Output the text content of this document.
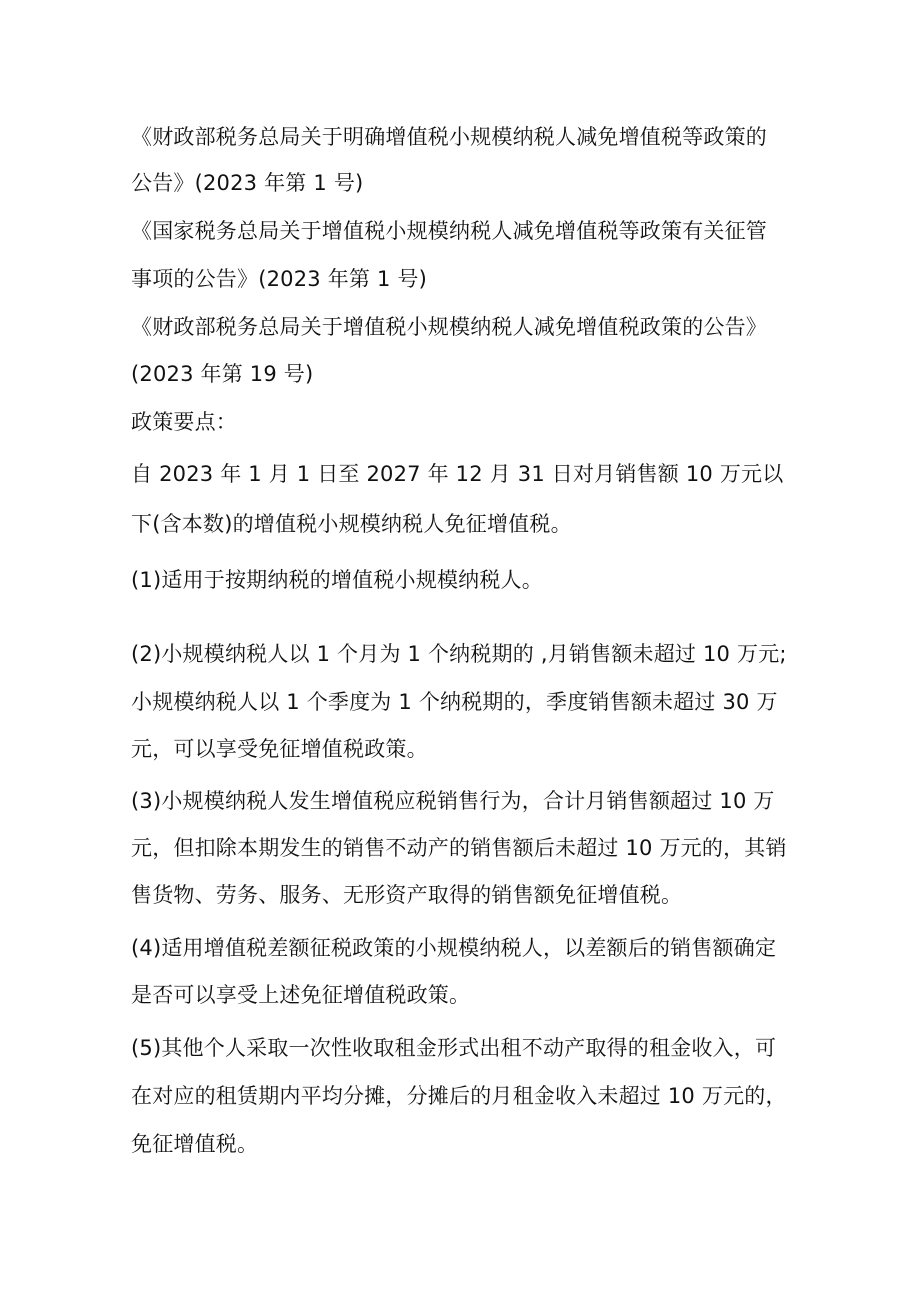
《财政部税务总局关于明确增值税小规模纳税人减免增值税等政策的
公告》(2023 年第 1 号)
《国家税务总局关于增值税小规模纳税人减免增值税等政策有关征管
事项的公告》(2023 年第 1 号)
《财政部税务总局关于增值税小规模纳税人减免增值税政策的公告》
(2023 年第 19 号)
政策要点：
自 2023 年 1 月 1 日至 2027 年 12 月 31 日对月销售额 10 万元以
下(含本数)的增值税小规模纳税人免征增值税。
(1)适用于按期纳税的增值税小规模纳税人。
(2)小规模纳税人以 1 个月为 1 个纳税期的 ,月销售额未超过 10 万元;
小规模纳税人以 1 个季度为 1 个纳税期的，季度销售额未超过 30 万
元，可以享受免征增值税政策。
(3)小规模纳税人发生增值税应税销售行为，合计月销售额超过 10 万
元，但扣除本期发生的销售不动产的销售额后未超过 10 万元的，其销
售货物、劳务、服务、无形资产取得的销售额免征增值税。
(4)适用增值税差额征税政策的小规模纳税人，以差额后的销售额确定
是否可以享受上述免征增值税政策。
(5)其他个人采取一次性收取租金形式出租不动产取得的租金收入，可
在对应的租赁期内平均分摊，分摊后的月租金收入未超过 10 万元的，
免征增值税。
